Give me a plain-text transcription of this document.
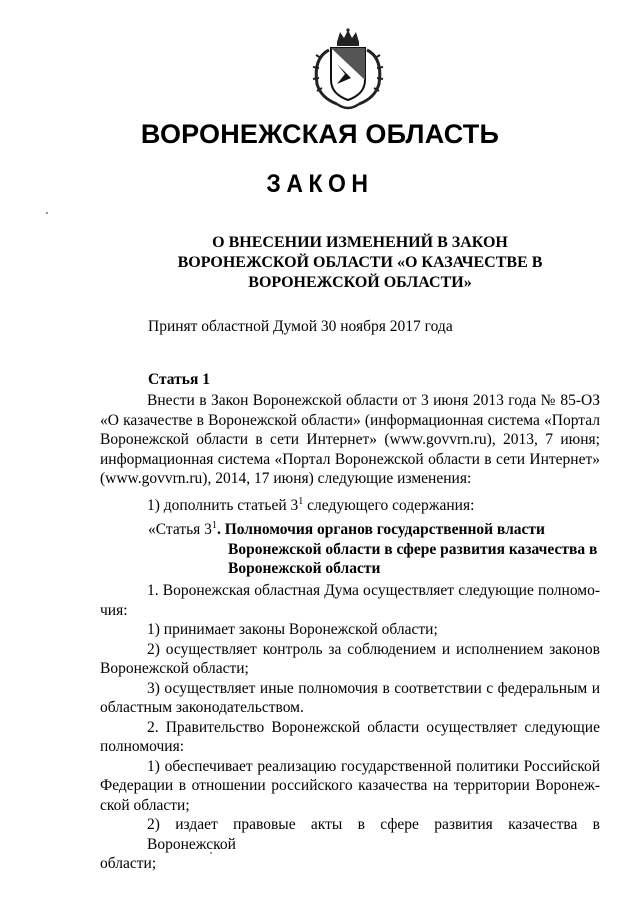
ВОРОНЕЖСКАЯ ОБЛАСТЬ
ЗАКОН
О ВНЕСЕНИИ ИЗМЕНЕНИЙ В ЗАКОН
ВОРОНЕЖСКОЙ ОБЛАСТИ «О КАЗАЧЕСТВЕ В
ВОРОНЕЖСКОЙ ОБЛАСТИ»
Принят областной Думой 30 ноября 2017 года
Статья 1
Внести в Закон Воронежской области от 3 июня 2013 года № 85-ОЗ
«О казачестве в Воронежской области» (информационная система «Портал
Воронежской области в сети Интернет» (www.govvrn.ru), 2013, 7 июня;
информационная система «Портал Воронежской области в сети Интернет»
(www.govvrn.ru), 2014, 17 июня) следующие изменения:
1) дополнить статьей $3^1$ следующего содержания:
«Статья $3^1$. Полномочия органов государственной власти
Воронежской области в сфере развития казачества в
Воронежской области
1. Воронежская областная Дума осуществляет следующие полномо-
чия:
1) принимает законы Воронежской области;
2) осуществляет контроль за соблюдением и исполнением законов
Воронежской области;
3) осуществляет иные полномочия в соответствии с федеральным и
областным законодательством.
2. Правительство Воронежской области осуществляет следующие
полномочия:
1) обеспечивает реализацию государственной политики Российской
Федерации в отношении российского казачества на территории Воронеж-
ской области;
2) издает правовые акты в сфере развития казачества в Воронежской
области;
